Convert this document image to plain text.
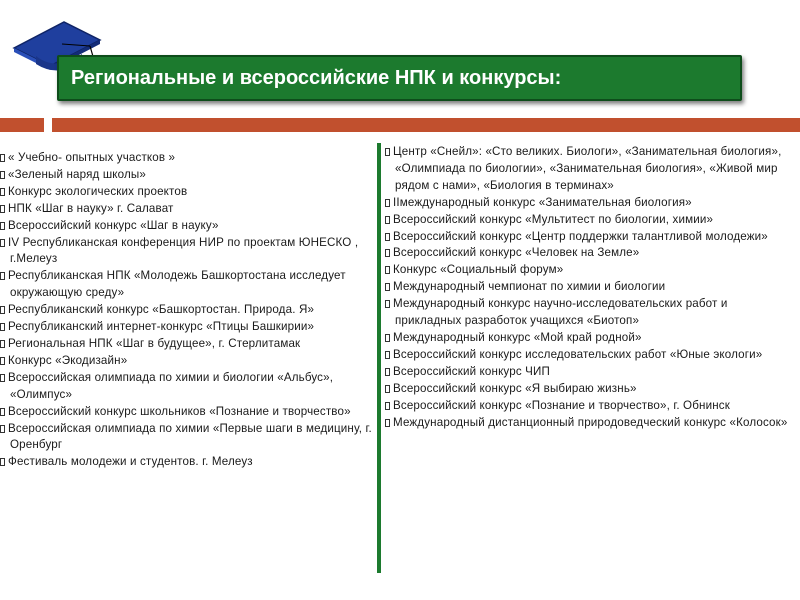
Региональные и всероссийские НПК и конкурсы:
« Учебно- опытных участков »
«Зеленый наряд школы»
Конкурс экологических проектов
НПК «Шаг в науку» г. Салават
Всероссийский конкурс «Шаг в науку»
IV Республиканская конференция НИР по проектам ЮНЕСКО , г.Мелеуз
Республиканская НПК «Молодежь Башкортостана исследует окружающую среду»
Республиканский конкурс «Башкортостан. Природа. Я»
Республиканский интернет-конкурс «Птицы Башкирии»
Региональная НПК «Шаг в будущее», г. Стерлитамак
Конкурс «Экодизайн»
Всероссийская олимпиада по химии и биологии «Альбус», «Олимпус»
Всероссийский конкурс школьников «Познание и творчество»
Всероссийская олимпиада по химии «Первые шаги в медицину, г. Оренбург
Фестиваль молодежи и студентов. г. Мелеуз
Центр «Снейл»: «Сто великих. Биологи», «Занимательная биология», «Олимпиада по биологии», «Занимательная биология», «Живой мир рядом с нами», «Биология в терминах»
IIмеждународный конкурс «Занимательная биология»
Всероссийский конкурс «Мультитест по биологии, химии»
Всероссийский конкурс «Центр поддержки талантливой молодежи»
Всероссийский конкурс «Человек на Земле»
Конкурс «Социальный форум»
Международный чемпионат по химии и биологии
Международный конкурс научно-исследовательских работ и прикладных разработок учащихся «Биотоп»
Международный конкурс «Мой край родной»
Всероссийский конкурс исследовательских работ «Юные экологи»
Всероссийский конкурс ЧИП
Всероссийский конкурс «Я выбираю жизнь»
Всероссийский конкурс «Познание и творчество», г. Обнинск
Международный дистанционный природоведческий конкурс «Колосок»
